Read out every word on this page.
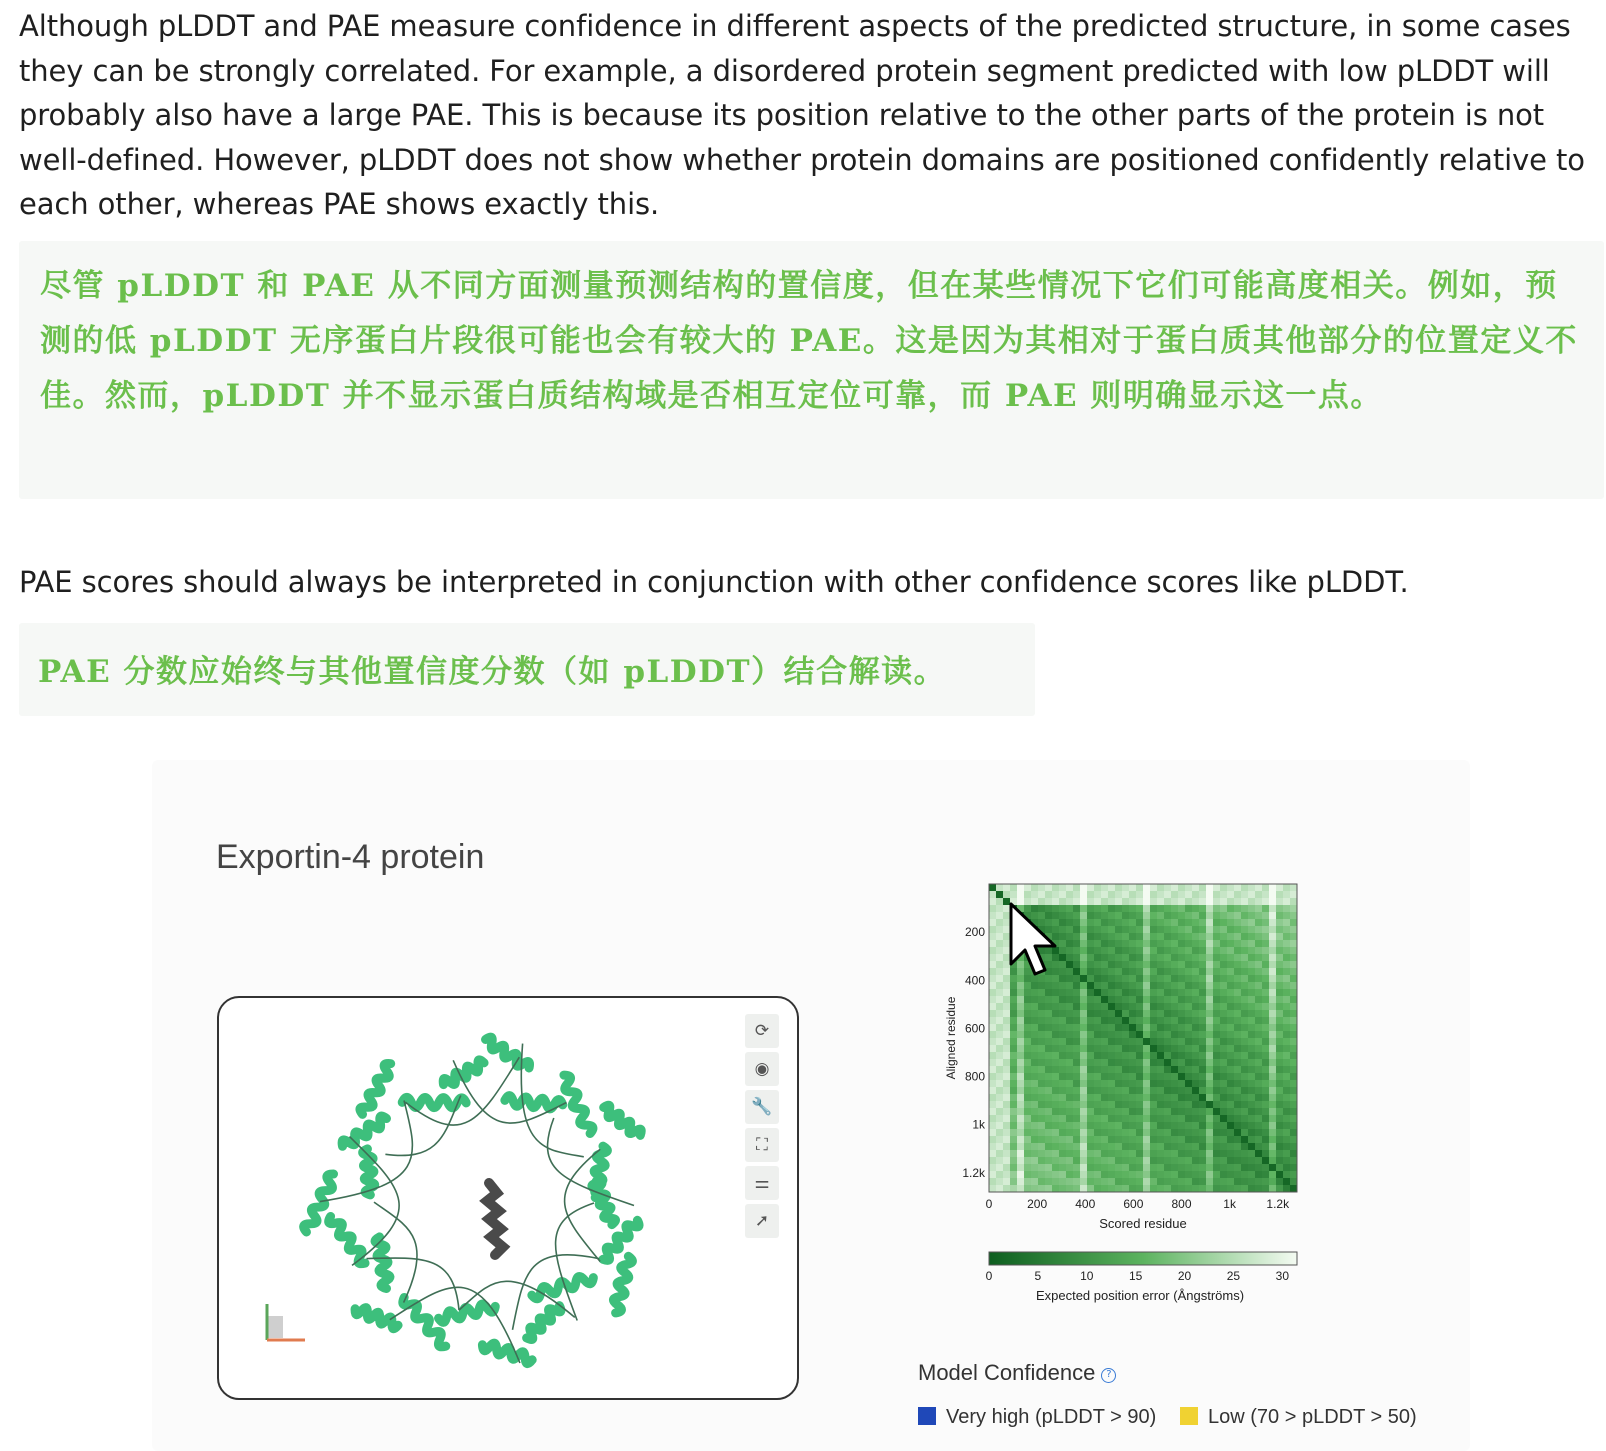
Although pLDDT and PAE measure confidence in different aspects of the predicted structure, in some cases they can be strongly correlated. For example, a disordered protein segment predicted with low pLDDT will probably also have a large PAE. This is because its position relative to the other parts of the protein is not well-defined. However, pLDDT does not show whether protein domains are positioned confidently relative to each other, whereas PAE shows exactly this.

尽管 pLDDT 和 PAE 从不同方面测量预测结构的置信度，但在某些情况下它们可能高度相关。例如，预测的低 pLDDT 无序蛋白片段很可能也会有较大的 PAE。这是因为其相对于蛋白质其他部分的位置定义不佳。然而，pLDDT 并不显示蛋白质结构域是否相互定位可靠，而 PAE 则明确显示这一点。

PAE scores should always be interpreted in conjunction with other confidence scores like pLDDT.

PAE 分数应始终与其他置信度分数（如 pLDDT）结合解读。

Exportin-4 protein
⟳
◉
🔧
⛶
⚌
➚
200
400
600
800
1k
1.2k
0	200 400 600 800	1k	1.2k
Aligned residue
Scored residue
0	5	10	15	20	25	30
Expected position error (Ångströms)
Model Confidence ?
Very high (pLDDT > 90)	Low (70 > pLDDT > 50)
